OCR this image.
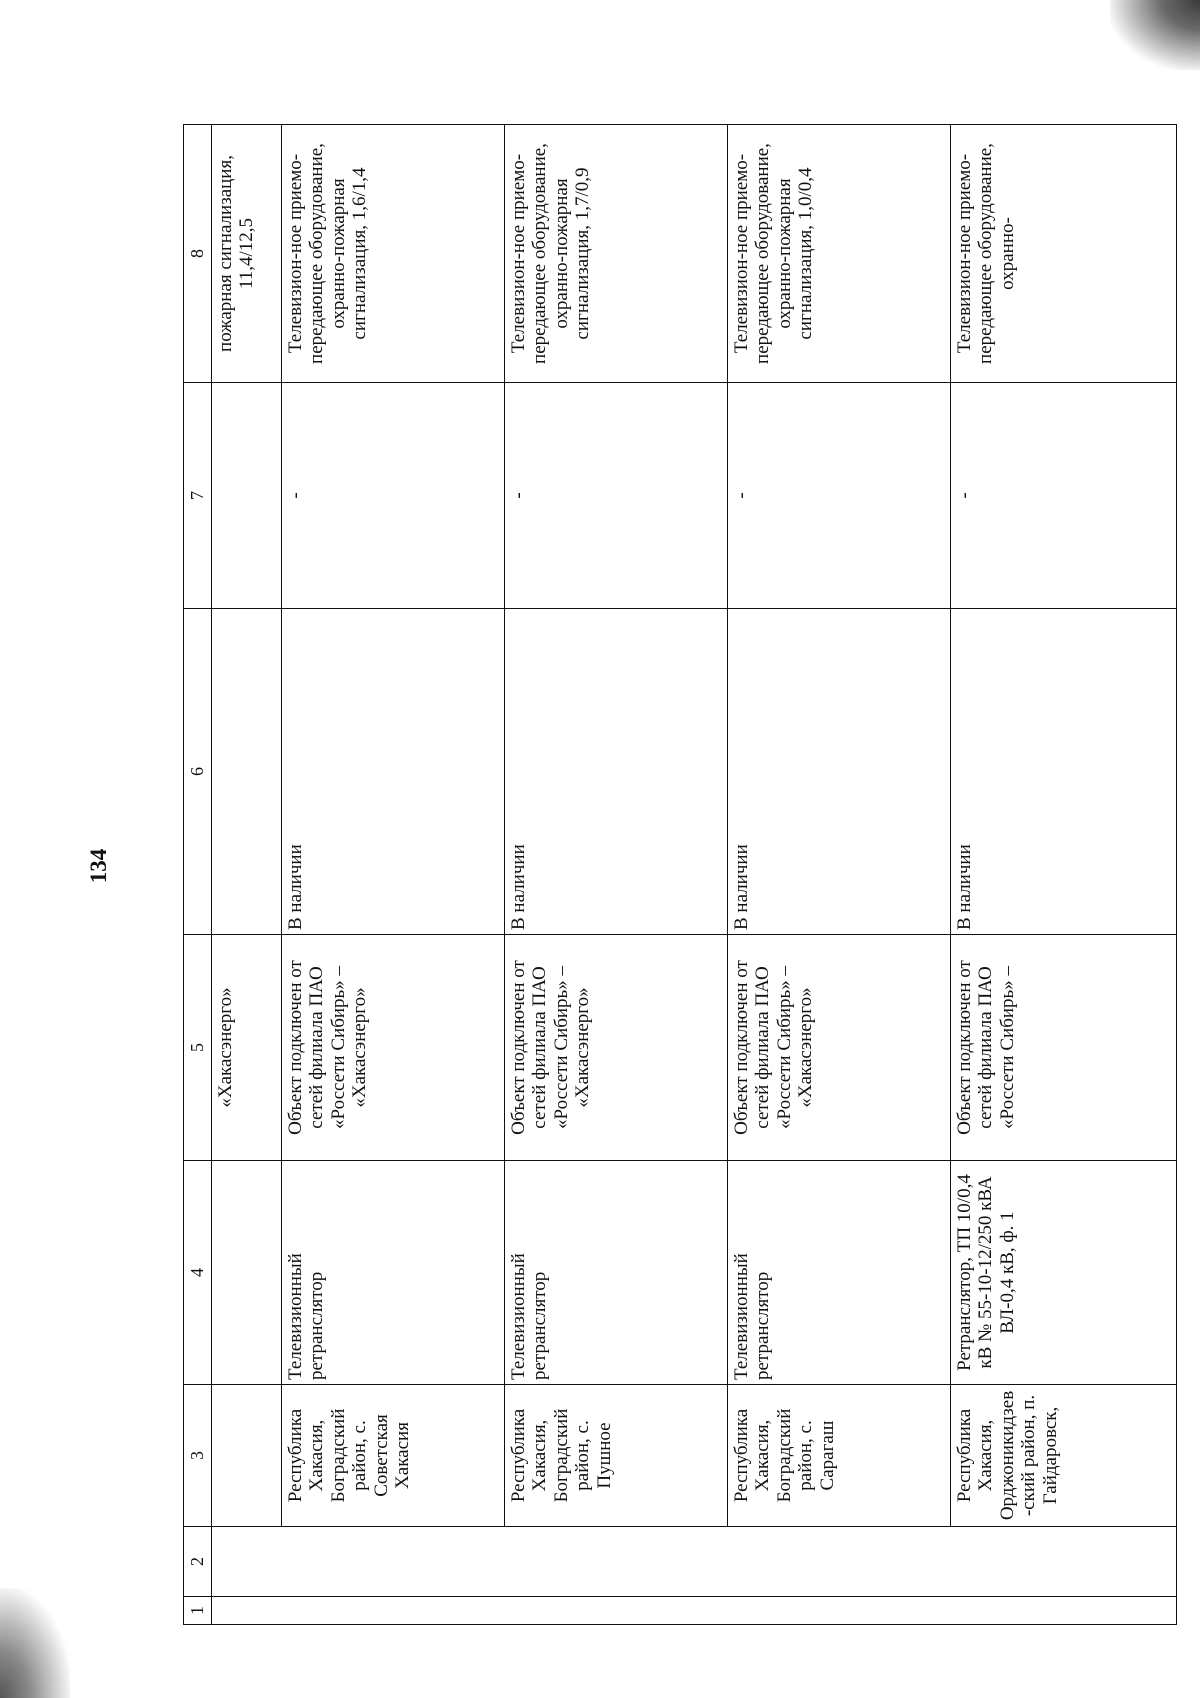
134
1	2	3	4	5	6	7	8
				«Хакасэнерго»			пожарная сигнализация, 11,4/12,5
		Республика Хакасия, Боградский район, с. Советская Хакасия	Телевизионный ретранслятор	Объект подключен от сетей филиала ПАО «Россети Сибирь» – «Хакасэнерго»	В наличии	-	Телевизион-ное приемо-передающее оборудование, охранно-пожарная сигнализация, 1,6/1,4
		Республика Хакасия, Боградский район, с. Пушное	Телевизионный ретранслятор	Объект подключен от сетей филиала ПАО «Россети Сибирь» – «Хакасэнерго»	В наличии	-	Телевизион-ное приемо-передающее оборудование, охранно-пожарная сигнализация, 1,7/0,9
		Республика Хакасия, Боградский район, с. Сарагаш	Телевизионный ретранслятор	Объект подключен от сетей филиала ПАО «Россети Сибирь» – «Хакасэнерго»	В наличии	-	Телевизион-ное приемо-передающее оборудование, охранно-пожарная сигнализация, 1,0/0,4
		Республика Хакасия, Орджоникидзев-ский район, п. Гайдаровск,	Ретранслятор, ТП 10/0,4 кВ № 55-10-12/250 кВА ВЛ-0,4 кВ, ф. 1	Объект подключен от сетей филиала ПАО «Россети Сибирь» –	В наличии	-	Телевизион-ное приемо-передающее оборудование, охранно-
